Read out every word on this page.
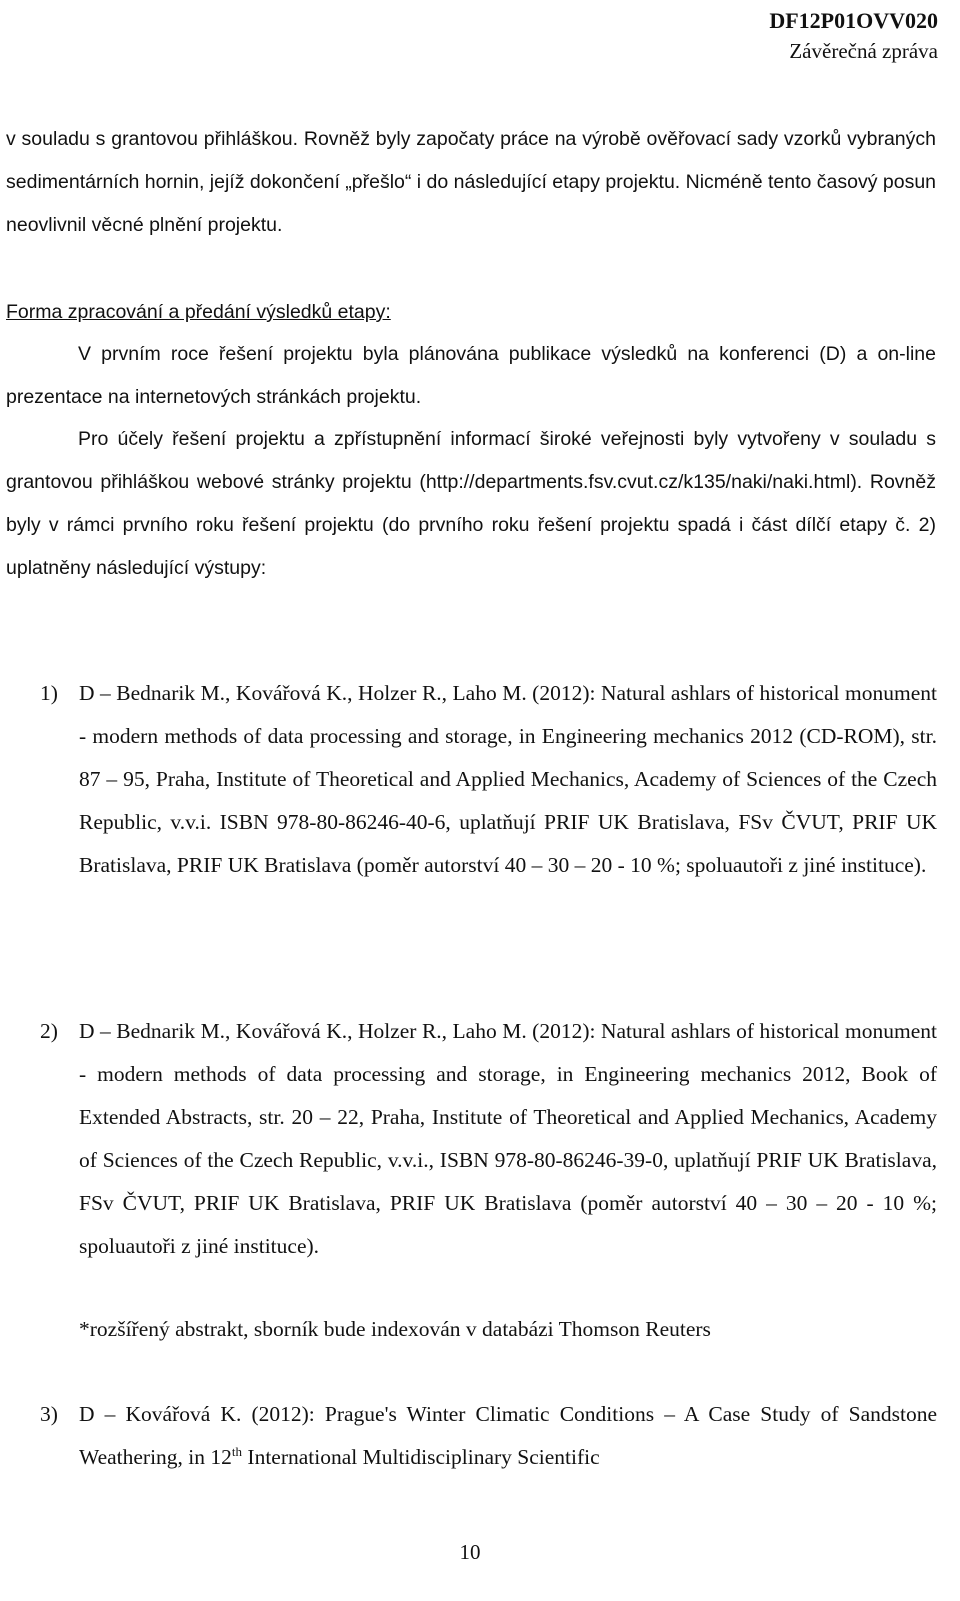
DF12P01OVV020
Závěrečná zpráva

v souladu s grantovou přihláškou. Rovněž byly započaty práce na výrobě ověřovací sady vzorků vybraných sedimentárních hornin, jejíž dokončení „přešlo“ i do následující etapy projektu. Nicméně tento časový posun neovlivnil věcné plnění projektu.

Forma zpracování a předání výsledků etapy:

V prvním roce řešení projektu byla plánována publikace výsledků na konferenci (D) a on-line prezentace na internetových stránkách projektu.

Pro účely řešení projektu a zpřístupnění informací široké veřejnosti byly vytvořeny v souladu s grantovou přihláškou webové stránky projektu (http://departments.fsv.cvut.cz/k135/naki/naki.html). Rovněž byly v rámci prvního roku řešení projektu (do prvního roku řešení projektu spadá i část dílčí etapy č. 2) uplatněny následující výstupy:

1) D – Bednarik M., Kovářová K., Holzer R., Laho M. (2012): Natural ashlars of historical monument - modern methods of data processing and storage, in Engineering mechanics 2012 (CD-ROM), str. 87 – 95, Praha, Institute of Theoretical and Applied Mechanics, Academy of Sciences of the Czech Republic, v.v.i. ISBN 978-80-86246-40-6, uplatňují PRIF UK Bratislava, FSv ČVUT, PRIF UK Bratislava, PRIF UK Bratislava (poměr autorství 40 – 30 – 20 - 10 %; spoluautoři z jiné instituce).
2) D – Bednarik M., Kovářová K., Holzer R., Laho M. (2012): Natural ashlars of historical monument - modern methods of data processing and storage, in Engineering mechanics 2012, Book of Extended Abstracts, str. 20 – 22, Praha, Institute of Theoretical and Applied Mechanics, Academy of Sciences of the Czech Republic, v.v.i., ISBN 978-80-86246-39-0, uplatňují PRIF UK Bratislava, FSv ČVUT, PRIF UK Bratislava, PRIF UK Bratislava (poměr autorství 40 – 30 – 20 - 10 %; spoluautoři z jiné instituce).
*rozšířený abstrakt, sborník bude indexován v databázi Thomson Reuters
3) D – Kovářová K. (2012): Prague's Winter Climatic Conditions – A Case Study of Sandstone Weathering, in 12th International Multidisciplinary Scientific
10
